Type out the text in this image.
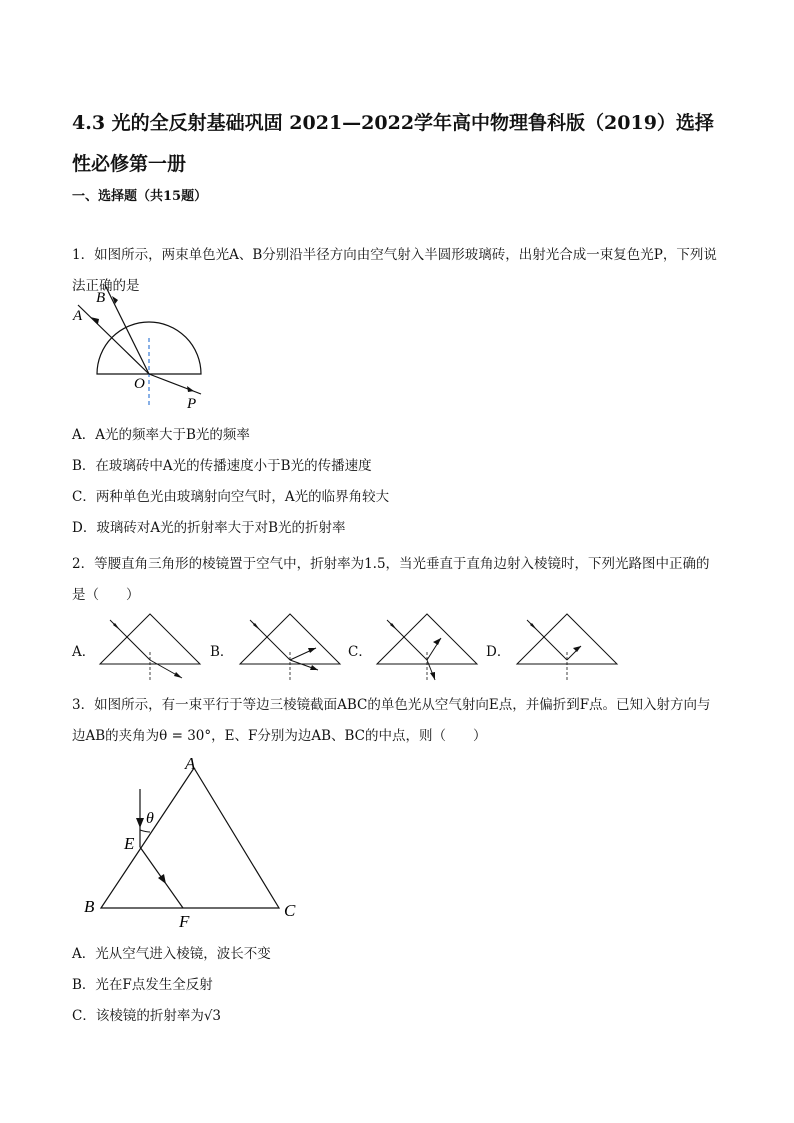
4.3 光的全反射基础巩固 2021—2022学年高中物理鲁科版（2019）选择性必修第一册
一、选择题（共15题）
1．如图所示，两束单色光A、B分别沿半径方向由空气射入半圆形玻璃砖，出射光合成一束复色光P，下列说法正确的是
B
A
O
P
A．A光的频率大于B光的频率
B．在玻璃砖中A光的传播速度小于B光的传播速度
C．两种单色光由玻璃射向空气时，A光的临界角较大
D．玻璃砖对A光的折射率大于对B光的折射率
2．等腰直角三角形的棱镜置于空气中，折射率为1.5，当光垂直于直角边射入棱镜时，下列光路图中正确的是（　　）
A．	B．	C．	D．
3．如图所示，有一束平行于等边三棱镜截面ABC的单色光从空气射向E点，并偏折到F点。已知入射方向与边AB的夹角为θ = 30°，E、F分别为边AB、BC的中点，则（　　）
A
θ
E
B
F
C
A．光从空气进入棱镜，波长不变
B．光在F点发生全反射
C．该棱镜的折射率为√3
